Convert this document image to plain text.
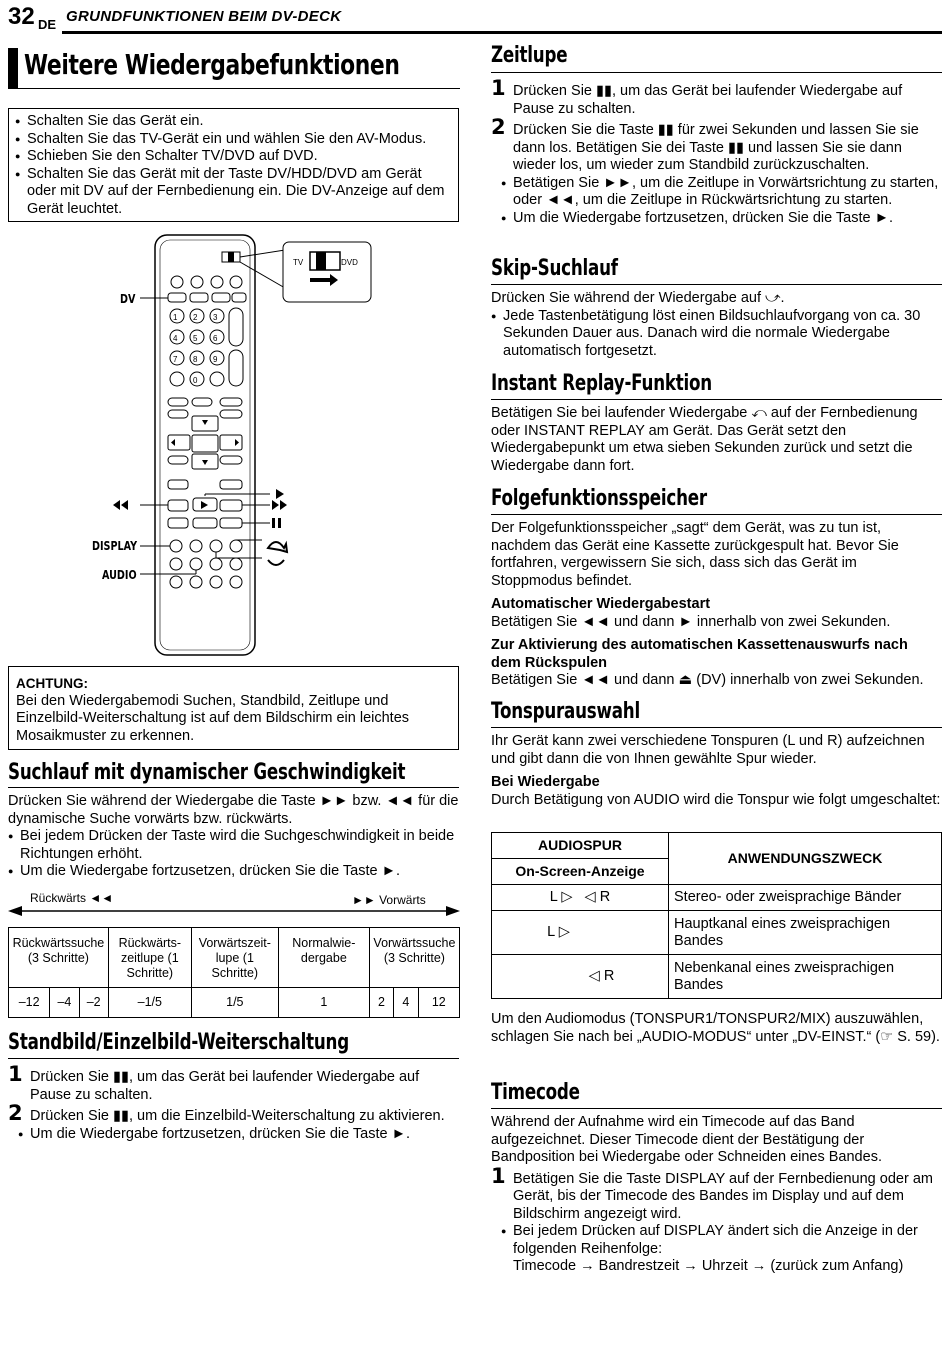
32 DE GRUNDFUNKTIONEN BEIM DV-DECK
Weitere Wiedergabefunktionen
● Schalten Sie das Gerät ein.
● Schalten Sie das TV-Gerät ein und wählen Sie den AV-Modus.
● Schieben Sie den Schalter TV/DVD auf DVD.
● Schalten Sie das Gerät mit der Taste DV/HDD/DVD am Gerät oder mit DV auf der Fernbedienung ein. Die DV-Anzeige auf dem Gerät leuchtet.
TV	DVD
DV
DISPLAY
AUDIO
1 2 3
4 5 6
7 8 9
0
ACHTUNG:

Bei den Wiedergabemodi Suchen, Standbild, Zeitlupe und Einzelbild-Weiterschaltung ist auf dem Bildschirm ein leichtes Mosaikmuster zu erkennen.

Suchlauf mit dynamischer Geschwindigkeit

Drücken Sie während der Wiedergabe die Taste ►► bzw. ◄◄ für die dynamische Suche vorwärts bzw. rückwärts.

● Bei jedem Drücken der Taste wird die Suchgeschwindigkeit in beide Richtungen erhöht.
● Um die Wiedergabe fortzusetzen, drücken Sie die Taste ►.
Rückwärts ◄◄	►► Vorwärts
Rückwärtssuche (3 Schritte)			Rückwärts-zeitlupe (1 Schritte)	Vorwärtszeit-lupe (1 Schritte)	Normalwie-dergabe	Vorwärtssuche (3 Schritte)		
–12	–4	–2	–1/5	1/5	1	2	4	12
Standbild/Einzelbild-Weiterschaltung
1 Drücken Sie ▮▮, um das Gerät bei laufender Wiedergabe auf Pause zu schalten.
2 Drücken Sie ▮▮, um die Einzelbild-Weiterschaltung zu aktivieren.
● Um die Wiedergabe fortzusetzen, drücken Sie die Taste ►.
Zeitlupe
1 Drücken Sie ▮▮, um das Gerät bei laufender Wiedergabe auf Pause zu schalten.
2 Drücken Sie die Taste ▮▮ für zwei Sekunden und lassen Sie sie dann los. Betätigen Sie dei Taste ▮▮ und lassen Sie sie dann wieder los, um wieder zum Standbild zurückzuschalten.
● Betätigen Sie ►►, um die Zeitlupe in Vorwärtsrichtung zu starten, oder ◄◄, um die Zeitlupe in Rückwärtsrichtung zu starten.
● Um die Wiedergabe fortzusetzen, drücken Sie die Taste ►.
Skip-Suchlauf

Drücken Sie während der Wiedergabe auf ⤻.

● Jede Tastenbetätigung löst einen Bildsuchlaufvorgang von ca. 30 Sekunden Dauer aus. Danach wird die normale Wiedergabe automatisch fortgesetzt.
Instant Replay-Funktion

Betätigen Sie bei laufender Wiedergabe ⤺ auf der Fernbedienung oder INSTANT REPLAY am Gerät. Das Gerät setzt den Wiedergabepunkt um etwa sieben Sekunden zurück und setzt die Wiedergabe dann fort.

Folgefunktionsspeicher

Der Folgefunktionsspeicher „sagt“ dem Gerät, was zu tun ist, nachdem das Gerät eine Kassette zurückgespult hat. Bevor Sie fortfahren, vergewissern Sie sich, dass sich das Gerät im Stoppmodus befindet.

Automatischer Wiedergabestart

Betätigen Sie ◄◄ und dann ► innerhalb von zwei Sekunden.

Zur Aktivierung des automatischen Kassettenauswurfs nach dem Rückspulen

Betätigen Sie ◄◄ und dann ⏏ (DV) innerhalb von zwei Sekunden.

Tonspurauswahl

Ihr Gerät kann zwei verschiedene Tonspuren (L und R) aufzeichnen und gibt dann die von Ihnen gewählte Spur wieder.

Bei Wiedergabe

Durch Betätigung von AUDIO wird die Tonspur wie folgt umgeschaltet:

AUDIOSPUR	ANWENDUNGSZWECK
On-Screen-Anzeige	
L ▷   ◁ R	Stereo- oder zweisprachige Bänder
L ▷	Hauptkanal eines zweisprachigen Bandes
◁ R	Nebenkanal eines zweisprachigen Bandes

Um den Audiomodus (TONSPUR1/TONSPUR2/MIX) auszuwählen, schlagen Sie nach bei „AUDIO-MODUS“ unter „DV-EINST.“ (☞ S. 59).

Timecode

Während der Aufnahme wird ein Timecode auf das Band aufgezeichnet. Dieser Timecode dient der Bestätigung der Bandposition bei Wiedergabe oder Schneiden eines Bandes.

1 Betätigen Sie die Taste DISPLAY auf der Fernbedienung oder am Gerät, bis der Timecode des Bandes im Display und auf dem Bildschirm angezeigt wird.
● Bei jedem Drücken auf DISPLAY ändert sich die Anzeige in der folgenden Reihenfolge:
Timecode → Bandrestzeit → Uhrzeit → (zurück zum Anfang)
